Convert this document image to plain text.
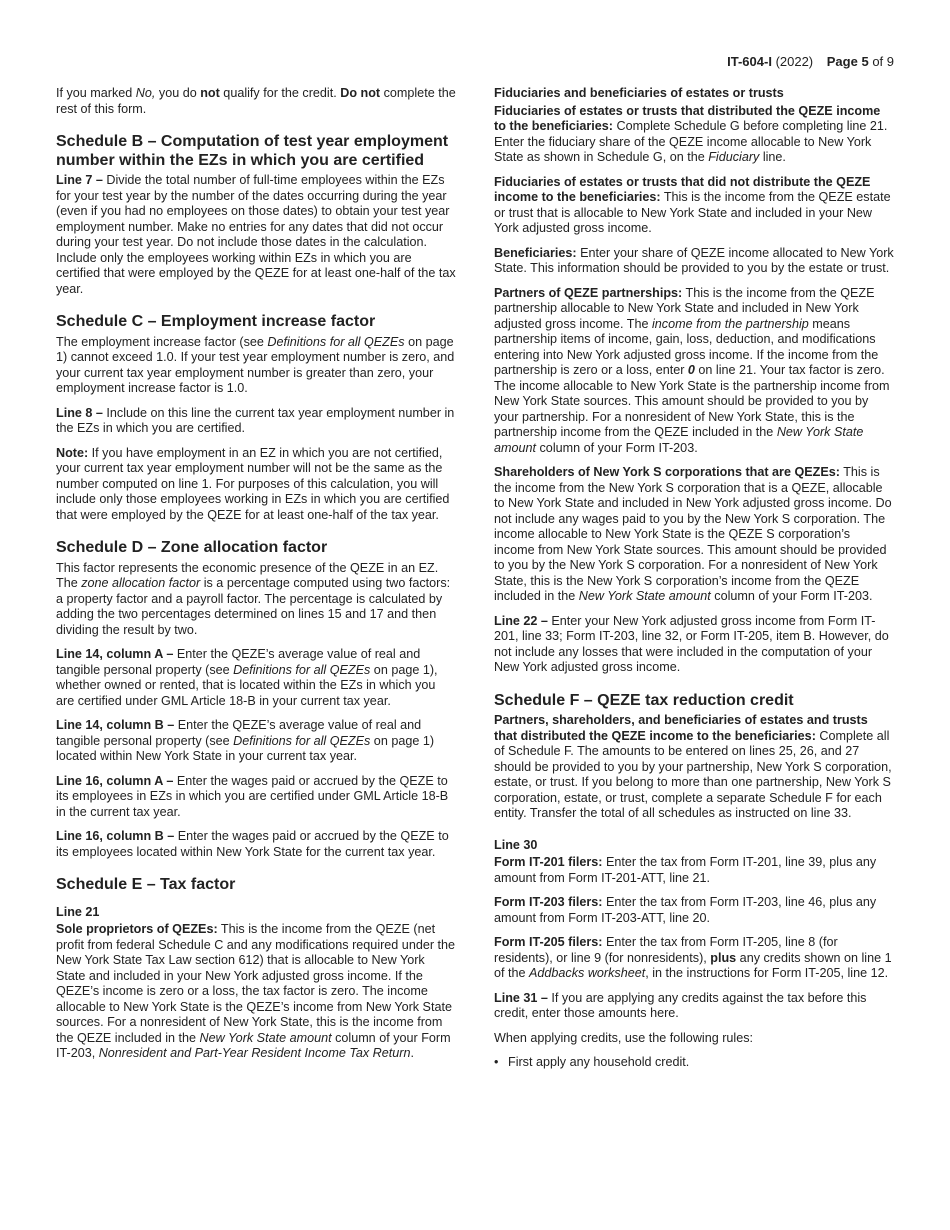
IT-604-I (2022) Page 5 of 9

If you marked No, you do not qualify for the credit. Do not complete the rest of this form.

Schedule B – Computation of test year employment number within the EZs in which you are certified

Line 7 – Divide the total number of full-time employees within the EZs for your test year by the number of the dates occurring during the year (even if you had no employees on those dates) to obtain your test year employment number. Make no entries for any dates that did not occur during your test year. Do not include those dates in the calculation. Include only the employees working within EZs in which you are certified that were employed by the QEZE for at least one-half of the tax year.

Schedule C – Employment increase factor

The employment increase factor (see Definitions for all QEZEs on page 1) cannot exceed 1.0. If your test year employment number is zero, and your current tax year employment number is greater than zero, your employment increase factor is 1.0.

Line 8 – Include on this line the current tax year employment number in the EZs in which you are certified.

Note: If you have employment in an EZ in which you are not certified, your current tax year employment number will not be the same as the number computed on line 1. For purposes of this calculation, you will include only those employees working in EZs in which you are certified that were employed by the QEZE for at least one-half of the tax year.

Schedule D – Zone allocation factor

This factor represents the economic presence of the QEZE in an EZ. The zone allocation factor is a percentage computed using two factors: a property factor and a payroll factor. The percentage is calculated by adding the two percentages determined on lines 15 and 17 and then dividing the result by two.

Line 14, column A – Enter the QEZE’s average value of real and tangible personal property (see Definitions for all QEZEs on page 1), whether owned or rented, that is located within the EZs in which you are certified under GML Article 18-B in your current tax year.

Line 14, column B – Enter the QEZE’s average value of real and tangible personal property (see Definitions for all QEZEs on page 1) located within New York State in your current tax year.

Line 16, column A – Enter the wages paid or accrued by the QEZE to its employees in EZs in which you are certified under GML Article 18-B in the current tax year.

Line 16, column B – Enter the wages paid or accrued by the QEZE to its employees located within New York State for the current tax year.

Schedule E – Tax factor
Line 21

Sole proprietors of QEZEs: This is the income from the QEZE (net profit from federal Schedule C and any modifications required under the New York State Tax Law section 612) that is allocable to New York State and included in your New York adjusted gross income. If the QEZE’s income is zero or a loss, the tax factor is zero. The income allocable to New York State is the QEZE’s income from New York State sources. For a nonresident of New York State, this is the income from the QEZE included in the New York State amount column of your Form IT-203, Nonresident and Part-Year Resident Income Tax Return.

Fiduciaries and beneficiaries of estates or trusts

Fiduciaries of estates or trusts that distributed the QEZE income to the beneficiaries: Complete Schedule G before completing line 21. Enter the fiduciary share of the QEZE income allocable to New York State as shown in Schedule G, on the Fiduciary line.

Fiduciaries of estates or trusts that did not distribute the QEZE income to the beneficiaries: This is the income from the QEZE estate or trust that is allocable to New York State and included in your New York adjusted gross income.

Beneficiaries: Enter your share of QEZE income allocated to New York State. This information should be provided to you by the estate or trust.

Partners of QEZE partnerships: This is the income from the QEZE partnership allocable to New York State and included in New York adjusted gross income. The income from the partnership means partnership items of income, gain, loss, deduction, and modifications entering into New York adjusted gross income. If the income from the partnership is zero or a loss, enter 0 on line 21. Your tax factor is zero. The income allocable to New York State is the partnership income from New York State sources. This amount should be provided to you by your partnership. For a nonresident of New York State, this is the partnership income from the QEZE included in the New York State amount column of your Form IT-203.

Shareholders of New York S corporations that are QEZEs: This is the income from the New York S corporation that is a QEZE, allocable to New York State and included in New York adjusted gross income. Do not include any wages paid to you by the New York S corporation. The income allocable to New York State is the QEZE S corporation’s income from New York State sources. This amount should be provided to you by the New York S corporation. For a nonresident of New York State, this is the New York S corporation’s income from the QEZE included in the New York State amount column of your Form IT-203.

Line 22 – Enter your New York adjusted gross income from Form IT-201, line 33; Form IT-203, line 32, or Form IT-205, item B. However, do not include any losses that were included in the computation of your New York adjusted gross income.

Schedule F – QEZE tax reduction credit

Partners, shareholders, and beneficiaries of estates and trusts that distributed the QEZE income to the beneficiaries: Complete all of Schedule F. The amounts to be entered on lines 25, 26, and 27 should be provided to you by your partnership, New York S corporation, estate, or trust. If you belong to more than one partnership, New York S corporation, estate, or trust, complete a separate Schedule F for each entity. Transfer the total of all schedules as instructed on line 33.

Line 30

Form IT-201 filers: Enter the tax from Form IT-201, line 39, plus any amount from Form IT-201-ATT, line 21.

Form IT-203 filers: Enter the tax from Form IT-203, line 46, plus any amount from Form IT-203-ATT, line 20.

Form IT-205 filers: Enter the tax from Form IT-205, line 8 (for residents), or line 9 (for nonresidents), plus any credits shown on line 1 of the Addbacks worksheet, in the instructions for Form IT-205, line 12.

Line 31 – If you are applying any credits against the tax before this credit, enter those amounts here.

When applying credits, use the following rules:

• First apply any household credit.
